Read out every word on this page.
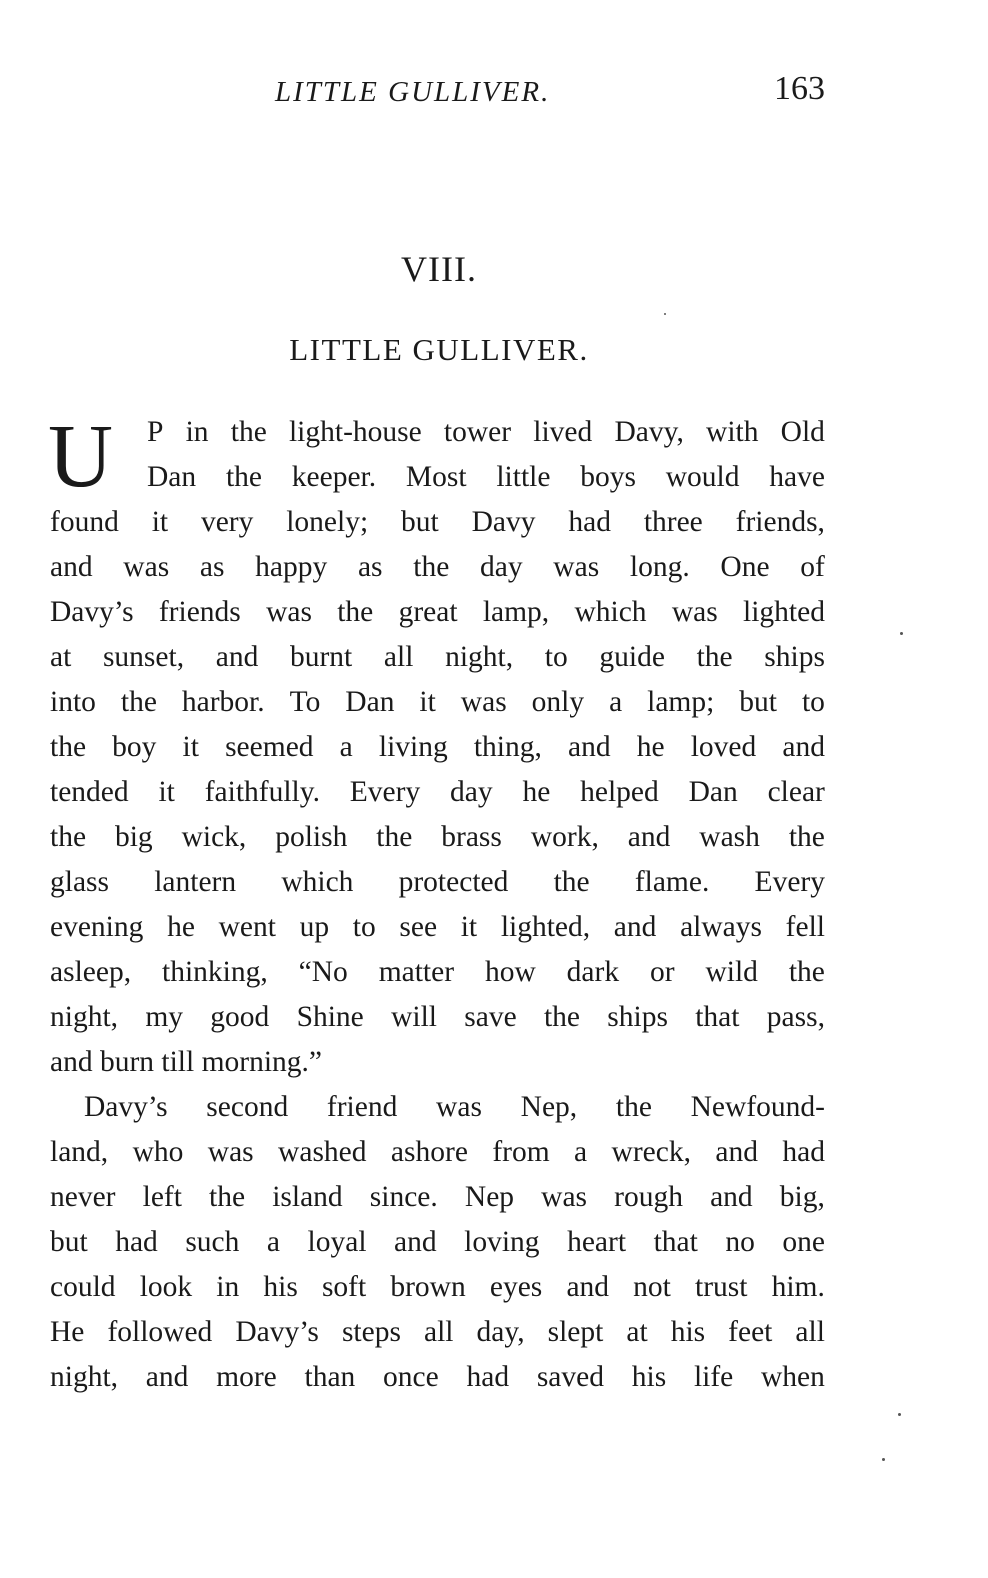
LITTLE GULLIVER.	163
VIII.
LITTLE GULLIVER.
U P in the light-house tower lived Davy, with Old
Dan the keeper. Most little boys would have
found it very lonely; but Davy had three friends,
and was as happy as the day was long. One of
Davy’s friends was the great lamp, which was lighted
at sunset, and burnt all night, to guide the ships
into the harbor. To Dan it was only a lamp; but to
the boy it seemed a living thing, and he loved and
tended it faithfully. Every day he helped Dan clear
the big wick, polish the brass work, and wash the
glass lantern which protected the flame. Every
evening he went up to see it lighted, and always fell
asleep, thinking, “No matter how dark or wild the
night, my good Shine will save the ships that pass,
and burn till morning.”
Davy’s second friend was Nep, the Newfound-
land, who was washed ashore from a wreck, and had
never left the island since. Nep was rough and big,
but had such a loyal and loving heart that no one
could look in his soft brown eyes and not trust him.
He followed Davy’s steps all day, slept at his feet all
night, and more than once had saved his life when
